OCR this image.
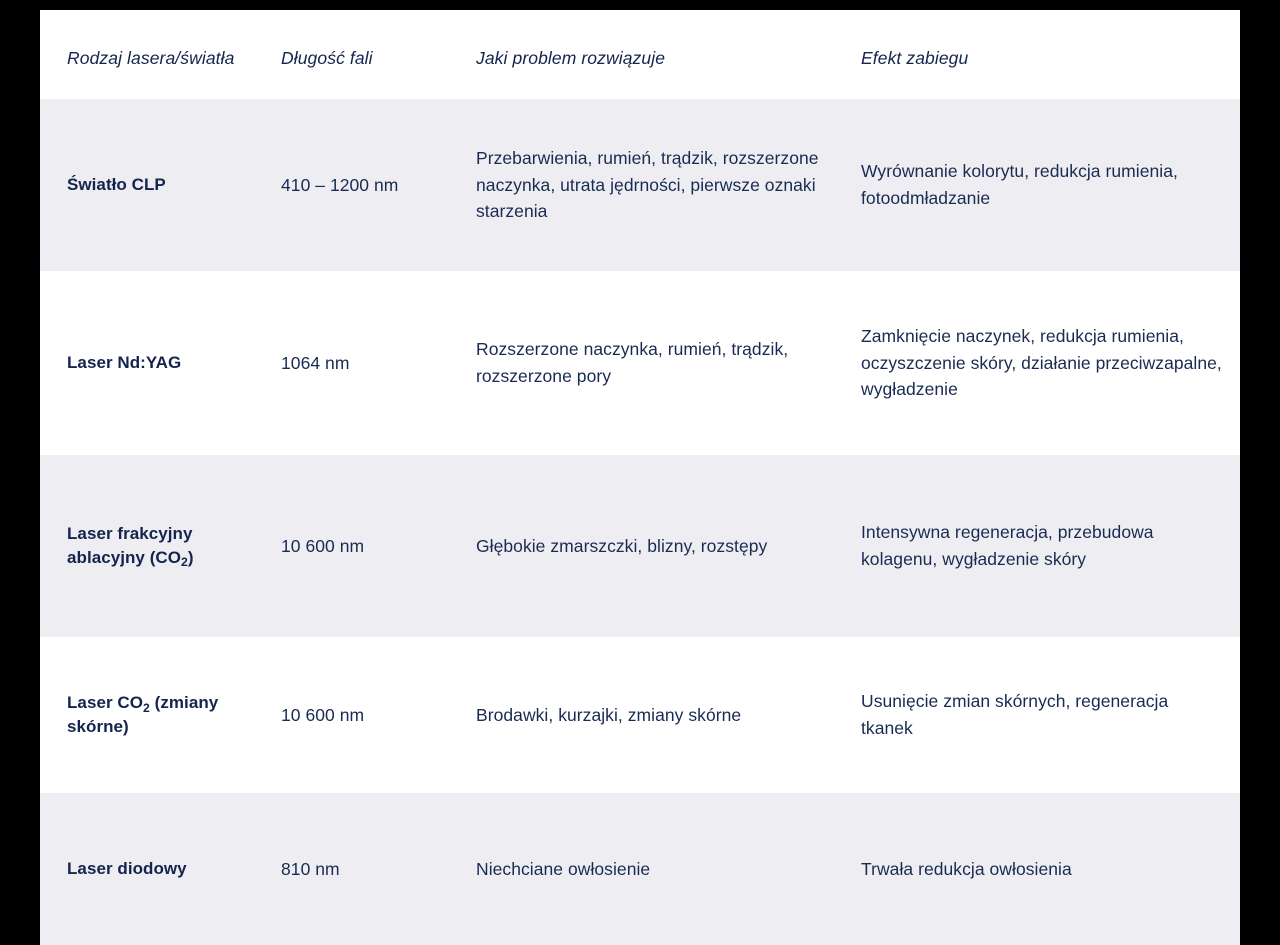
Rodzaj lasera/światła	Długość fali	Jaki problem rozwiązuje	Efekt zabiegu
Światło CLP	410 – 1200 nm	Przebarwienia, rumień, trądzik, rozszerzone naczynka, utrata jędrności, pierwsze oznaki starzenia	Wyrównanie kolorytu, redukcja rumienia, fotoodmładzanie
Laser Nd:YAG	1064 nm	Rozszerzone naczynka, rumień, trądzik, rozszerzone pory	Zamknięcie naczynek, redukcja rumienia, oczyszczenie skóry, działanie przeciwzapalne, wygładzenie
Laser frakcyjny ablacyjny $(CO_2)$	10 600 nm	Głębokie zmarszczki, blizny, rozstępy	Intensywna regeneracja, przebudowa kolagenu, wygładzenie skóry
Laser $CO_2$ (zmiany skórne)	10 600 nm	Brodawki, kurzajki, zmiany skórne	Usunięcie zmian skórnych, regeneracja tkanek
Laser diodowy	810 nm	Niechciane owłosienie	Trwała redukcja owłosienia
